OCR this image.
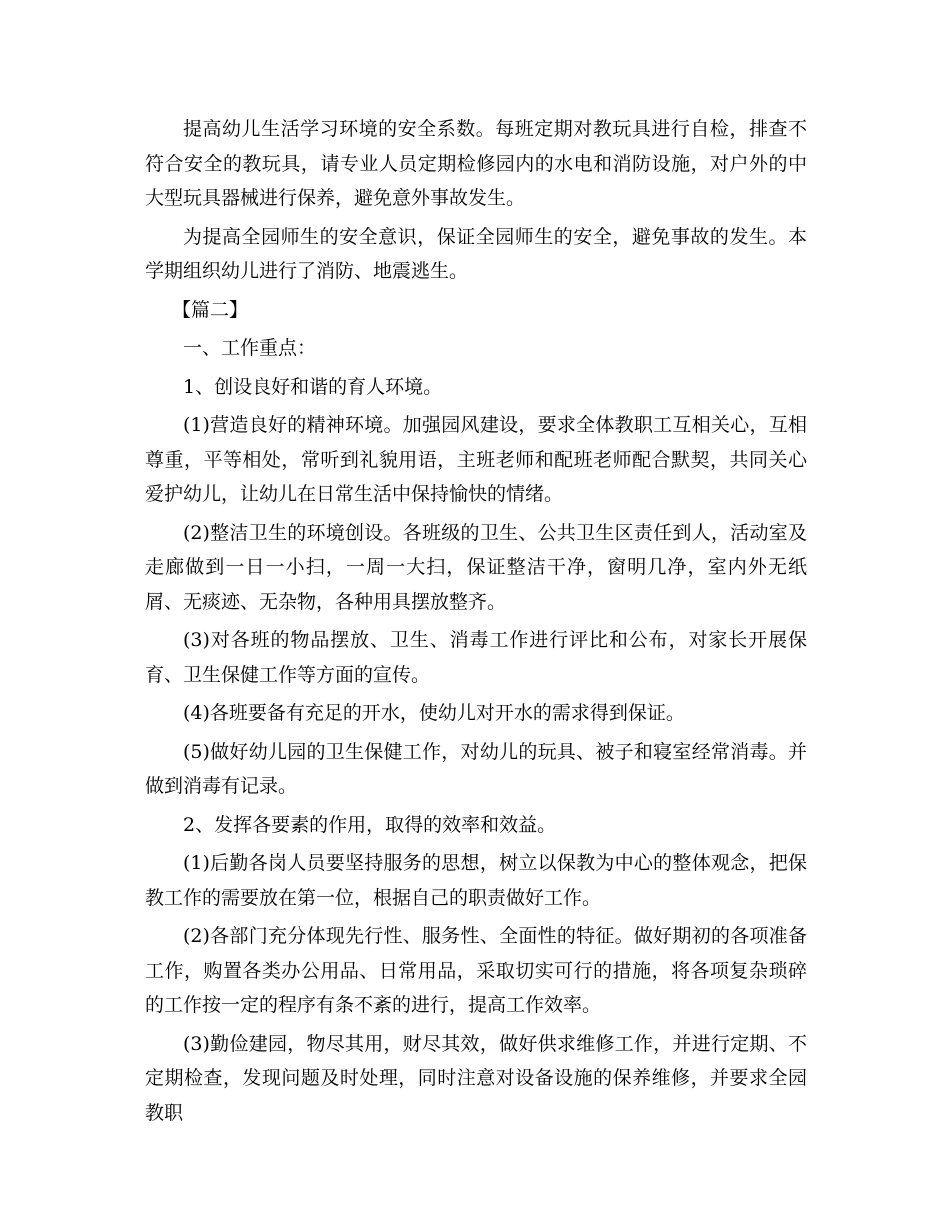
提高幼儿生活学习环境的安全系数。每班定期对教玩具进行自检，排查不符合安全的教玩具，请专业人员定期检修园内的水电和消防设施，对户外的中大型玩具器械进行保养，避免意外事故发生。

为提高全园师生的安全意识，保证全园师生的安全，避免事故的发生。本学期组织幼儿进行了消防、地震逃生。

【篇二】

一、工作重点：

1、创设良好和谐的育人环境。

(1)营造良好的精神环境。加强园风建设，要求全体教职工互相关心，互相尊重，平等相处，常听到礼貌用语，主班老师和配班老师配合默契，共同关心爱护幼儿，让幼儿在日常生活中保持愉快的情绪。

(2)整洁卫生的环境创设。各班级的卫生、公共卫生区责任到人，活动室及走廊做到一日一小扫，一周一大扫，保证整洁干净，窗明几净，室内外无纸屑、无痰迹、无杂物，各种用具摆放整齐。

(3)对各班的物品摆放、卫生、消毒工作进行评比和公布，对家长开展保育、卫生保健工作等方面的宣传。

(4)各班要备有充足的开水，使幼儿对开水的需求得到保证。

(5)做好幼儿园的卫生保健工作，对幼儿的玩具、被子和寝室经常消毒。并做到消毒有记录。

2、发挥各要素的作用，取得的效率和效益。

(1)后勤各岗人员要坚持服务的思想，树立以保教为中心的整体观念，把保教工作的需要放在第一位，根据自己的职责做好工作。

(2)各部门充分体现先行性、服务性、全面性的特征。做好期初的各项准备工作，购置各类办公用品、日常用品，采取切实可行的措施，将各项复杂琐碎的工作按一定的程序有条不紊的进行，提高工作效率。

(3)勤俭建园，物尽其用，财尽其效，做好供求维修工作，并进行定期、不定期检查，发现问题及时处理，同时注意对设备设施的保养维修，并要求全园教职
